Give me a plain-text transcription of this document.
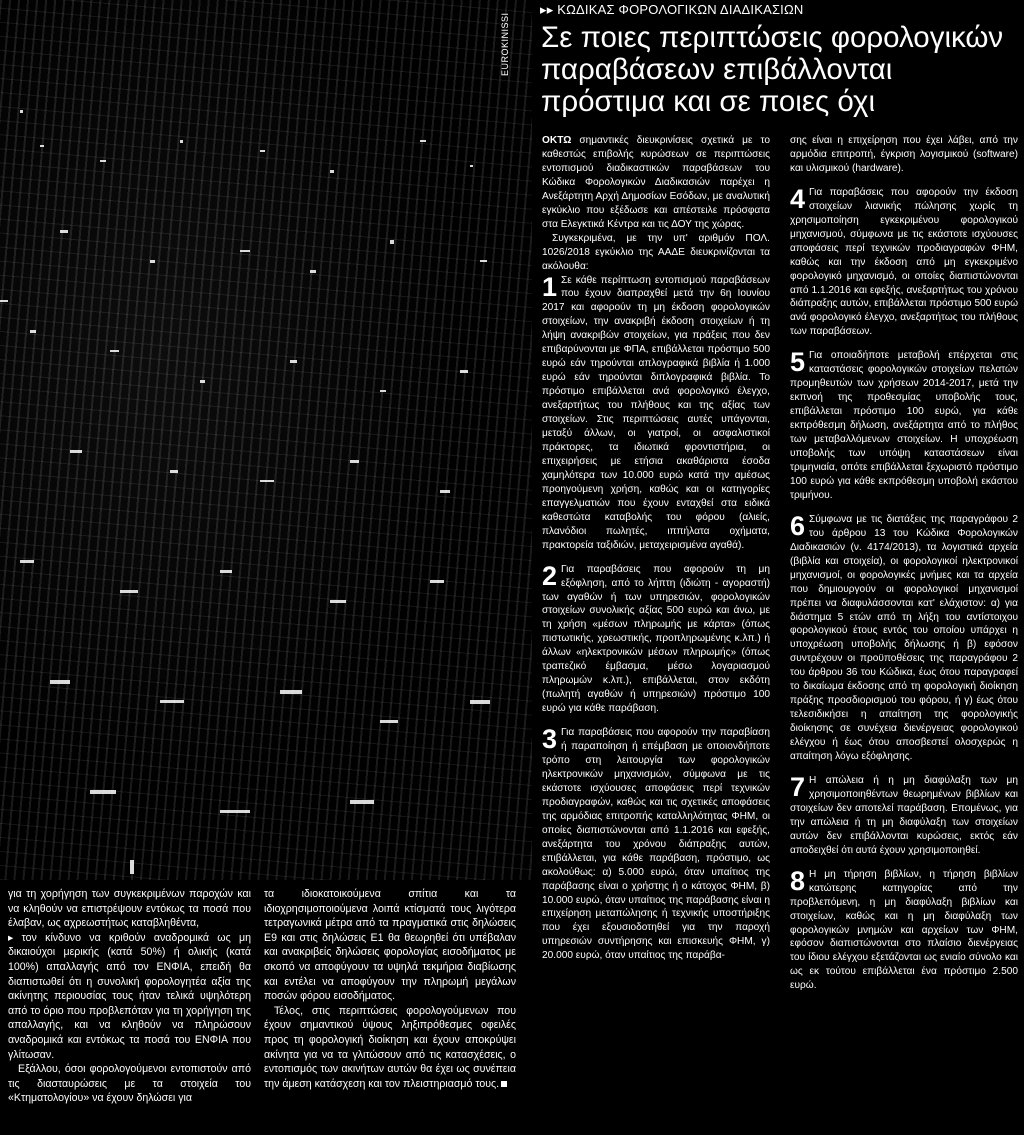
EUROKINISSI
▸▸ ΚΩΔΙΚΑΣ ΦΟΡΟΛΟΓΙΚΩΝ ΔΙΑΔΙΚΑΣΙΩΝ
Σε ποιες περιπτώσεις φορολογικών παραβάσεων επιβάλλονται πρόστιμα και σε ποιες όχι

για τη χορήγηση των συγκεκριμένων παροχών και να κληθούν να επιστρέψουν εντόκως τα ποσά που έλαβαν, ως αχρεωστήτως καταβληθέντα,

▸ τον κίνδυνο να κριθούν αναδρομικά ως μη δικαιούχοι μερικής (κατά 50%) ή ολικής (κατά 100%) απαλλαγής από τον ΕΝΦΙΑ, επειδή θα διαπιστωθεί ότι η συνολική φορολογητέα αξία της ακίνητης περιουσίας τους ήταν τελικά υψηλότερη από το όριο που προβλεπόταν για τη χορήγηση της απαλλαγής, και να κληθούν να πληρώσουν αναδρομικά και εντόκως τα ποσά του ΕΝΦΙΑ που γλίτωσαν.

Εξάλλου, όσοι φορολογούμενοι εντοπιστούν από τις διασταυρώσεις με τα στοιχεία του «Κτηματολογίου» να έχουν δηλώσει για

τα ιδιοκατοικούμενα σπίτια και τα ιδιοχρησιμοποιούμενα λοιπά κτίσματά τους λιγότερα τετραγωνικά μέτρα από τα πραγματικά στις δηλώσεις Ε9 και στις δηλώσεις Ε1 θα θεωρηθεί ότι υπέβαλαν και ανακριβείς δηλώσεις φορολογίας εισοδήματος με σκοπό να αποφύγουν τα υψηλά τεκμήρια διαβίωσης και εντέλει να αποφύγουν την πληρωμή μεγάλων ποσών φόρου εισοδήματος.

Τέλος, στις περιπτώσεις φορολογούμενων που έχουν σημαντικού ύψους ληξιπρόθεσμες οφειλές προς τη φορολογική διοίκηση και έχουν αποκρύψει ακίνητα για να τα γλιτώσουν από τις κατασχέσεις, ο εντοπισμός των ακινήτων αυτών θα έχει ως συνέπεια την άμεση κατάσχεση και τον πλειστηριασμό τους.

ΟΚΤΩ σημαντικές διευκρινίσεις σχετικά με το καθεστώς επιβολής κυρώσεων σε περιπτώσεις εντοπισμού διαδικαστικών παραβάσεων του Κώδικα Φορολογικών Διαδικασιών παρέχει η Ανεξάρτητη Αρχή Δημοσίων Εσόδων, με αναλυτική εγκύκλιο που εξέδωσε και απέστειλε πρόσφατα στα Ελεγκτικά Κέντρα και τις ΔΟΥ της χώρας.

Συγκεκριμένα, με την υπ' αριθμόν ΠΟΛ. 1026/2018 εγκύκλιο της ΑΑΔΕ διευκρινίζονται τα ακόλουθα:

1 Σε κάθε περίπτωση εντοπισμού παραβάσεων που έχουν διαπραχθεί μετά την 6η Ιουνίου 2017 και αφορούν τη μη έκδοση φορολογικών στοιχείων, την ανακριβή έκδοση στοιχείων ή τη λήψη ανακριβών στοιχείων, για πράξεις που δεν επιβαρύνονται με ΦΠΑ, επιβάλλεται πρόστιμο 500 ευρώ εάν τηρούνται απλογραφικά βιβλία ή 1.000 ευρώ εάν τηρούνται διπλογραφικά βιβλία. Το πρόστιμο επιβάλλεται ανά φορολογικό έλεγχο, ανεξαρτήτως του πλήθους και της αξίας των στοιχείων. Στις περιπτώσεις αυτές υπάγονται, μεταξύ άλλων, οι γιατροί, οι ασφαλιστικοί πράκτορες, τα ιδιωτικά φροντιστήρια, οι επιχειρήσεις με ετήσια ακαθάριστα έσοδα χαμηλότερα των 10.000 ευρώ κατά την αμέσως προηγούμενη χρήση, καθώς και οι κατηγορίες επαγγελματιών που έχουν ενταχθεί στα ειδικά καθεστώτα καταβολής του φόρου (αλιείς, πλανόδιοι πωλητές, ιππήλατα οχήματα, πρακτορεία ταξιδιών, μεταχειρισμένα αγαθά).

2 Για παραβάσεις που αφορούν τη μη εξόφληση, από το λήπτη (ιδιώτη - αγοραστή) των αγαθών ή των υπηρεσιών, φορολογικών στοιχείων συνολικής αξίας 500 ευρώ και άνω, με τη χρήση «μέσων πληρωμής με κάρτα» (όπως πιστωτικής, χρεωστικής, προπληρωμένης κ.λπ.) ή άλλων «ηλεκτρονικών μέσων πληρωμής» (όπως τραπεζικό έμβασμα, μέσω λογαριασμού πληρωμών κ.λπ.), επιβάλλεται, στον εκδότη (πωλητή αγαθών ή υπηρεσιών) πρόστιμο 100 ευρώ για κάθε παράβαση.

3 Για παραβάσεις που αφορούν την παραβίαση ή παραποίηση ή επέμβαση με οποιονδήποτε τρόπο στη λειτουργία των φορολογικών ηλεκτρονικών μηχανισμών, σύμφωνα με τις εκάστοτε ισχύουσες αποφάσεις περί τεχνικών προδιαγραφών, καθώς και τις σχετικές αποφάσεις της αρμόδιας επιτροπής καταλληλότητας ΦΗΜ, οι οποίες διαπιστώνονται από 1.1.2016 και εφεξής, ανεξάρτητα του χρόνου διάπραξης αυτών, επιβάλλεται, για κάθε παράβαση, πρόστιμο, ως ακολούθως: α) 5.000 ευρώ, όταν υπαίτιος της παράβασης είναι ο χρήστης ή ο κάτοχος ΦΗΜ, β) 10.000 ευρώ, όταν υπαίτιος της παράβασης είναι η επιχείρηση μεταπώλησης ή τεχνικής υποστήριξης που έχει εξουσιοδοτηθεί για την παροχή υπηρεσιών συντήρησης και επισκευής ΦΗΜ, γ) 20.000 ευρώ, όταν υπαίτιος της παράβα-

σης είναι η επιχείρηση που έχει λάβει, από την αρμόδια επιτροπή, έγκριση λογισμικού (software) και υλισμικού (hardware).

4 Για παραβάσεις που αφορούν την έκδοση στοιχείων λιανικής πώλησης χωρίς τη χρησιμοποίηση εγκεκριμένου φορολογικού μηχανισμού, σύμφωνα με τις εκάστοτε ισχύουσες αποφάσεις περί τεχνικών προδιαγραφών ΦΗΜ, καθώς και την έκδοση από μη εγκεκριμένο φορολογικό μηχανισμό, οι οποίες διαπιστώνονται από 1.1.2016 και εφεξής, ανεξαρτήτως του χρόνου διάπραξης αυτών, επιβάλλεται πρόστιμο 500 ευρώ ανά φορολογικό έλεγχο, ανεξαρτήτως του πλήθους των παραβάσεων.

5 Για οποιαδήποτε μεταβολή επέρχεται στις καταστάσεις φορολογικών στοιχείων πελατών προμηθευτών των χρήσεων 2014-2017, μετά την εκπνοή της προθεσμίας υποβολής τους, επιβάλλεται πρόστιμο 100 ευρώ, για κάθε εκπρόθεσμη δήλωση, ανεξάρτητα από το πλήθος των μεταβαλλόμενων στοιχείων. Η υποχρέωση υποβολής των υπόψη καταστάσεων είναι τριμηνιαία, οπότε επιβάλλεται ξεχωριστό πρόστιμο 100 ευρώ για κάθε εκπρόθεσμη υποβολή εκάστου τριμήνου.

6 Σύμφωνα με τις διατάξεις της παραγράφου 2 του άρθρου 13 του Κώδικα Φορολογικών Διαδικασιών (ν. 4174/2013), τα λογιστικά αρχεία (βιβλία και στοιχεία), οι φορολογικοί ηλεκτρονικοί μηχανισμοί, οι φορολογικές μνήμες και τα αρχεία που δημιουργούν οι φορολογικοί μηχανισμοί πρέπει να διαφυλάσσονται κατ' ελάχιστον: α) για διάστημα 5 ετών από τη λήξη του αντίστοιχου φορολογικού έτους εντός του οποίου υπάρχει η υποχρέωση υποβολής δήλωσης ή β) εφόσον συντρέχουν οι προϋποθέσεις της παραγράφου 2 του άρθρου 36 του Κώδικα, έως ότου παραγραφεί το δικαίωμα έκδοσης από τη φορολογική διοίκηση πράξης προσδιορισμού του φόρου, ή γ) έως ότου τελεσιδικήσει η απαίτηση της φορολογικής διοίκησης σε συνέχεια διενέργειας φορολογικού ελέγχου ή έως ότου αποσβεστεί ολοσχερώς η απαίτηση λόγω εξόφλησης.

7 Η απώλεια ή η μη διαφύλαξη των μη χρησιμοποιηθέντων θεωρημένων βιβλίων και στοιχείων δεν αποτελεί παράβαση. Επομένως, για την απώλεια ή τη μη διαφύλαξη των στοιχείων αυτών δεν επιβάλλονται κυρώσεις, εκτός εάν αποδειχθεί ότι αυτά έχουν χρησιμοποιηθεί.

8 Η μη τήρηση βιβλίων, η τήρηση βιβλίων κατώτερης κατηγορίας από την προβλεπόμενη, η μη διαφύλαξη βιβλίων και στοιχείων, καθώς και η μη διαφύλαξη των φορολογικών μνημών και αρχείων των ΦΗΜ, εφόσον διαπιστώνονται στο πλαίσιο διενέργειας του ίδιου ελέγχου εξετάζονται ως ενιαίο σύνολο και ως εκ τούτου επιβάλλεται ένα πρόστιμο 2.500 ευρώ.
